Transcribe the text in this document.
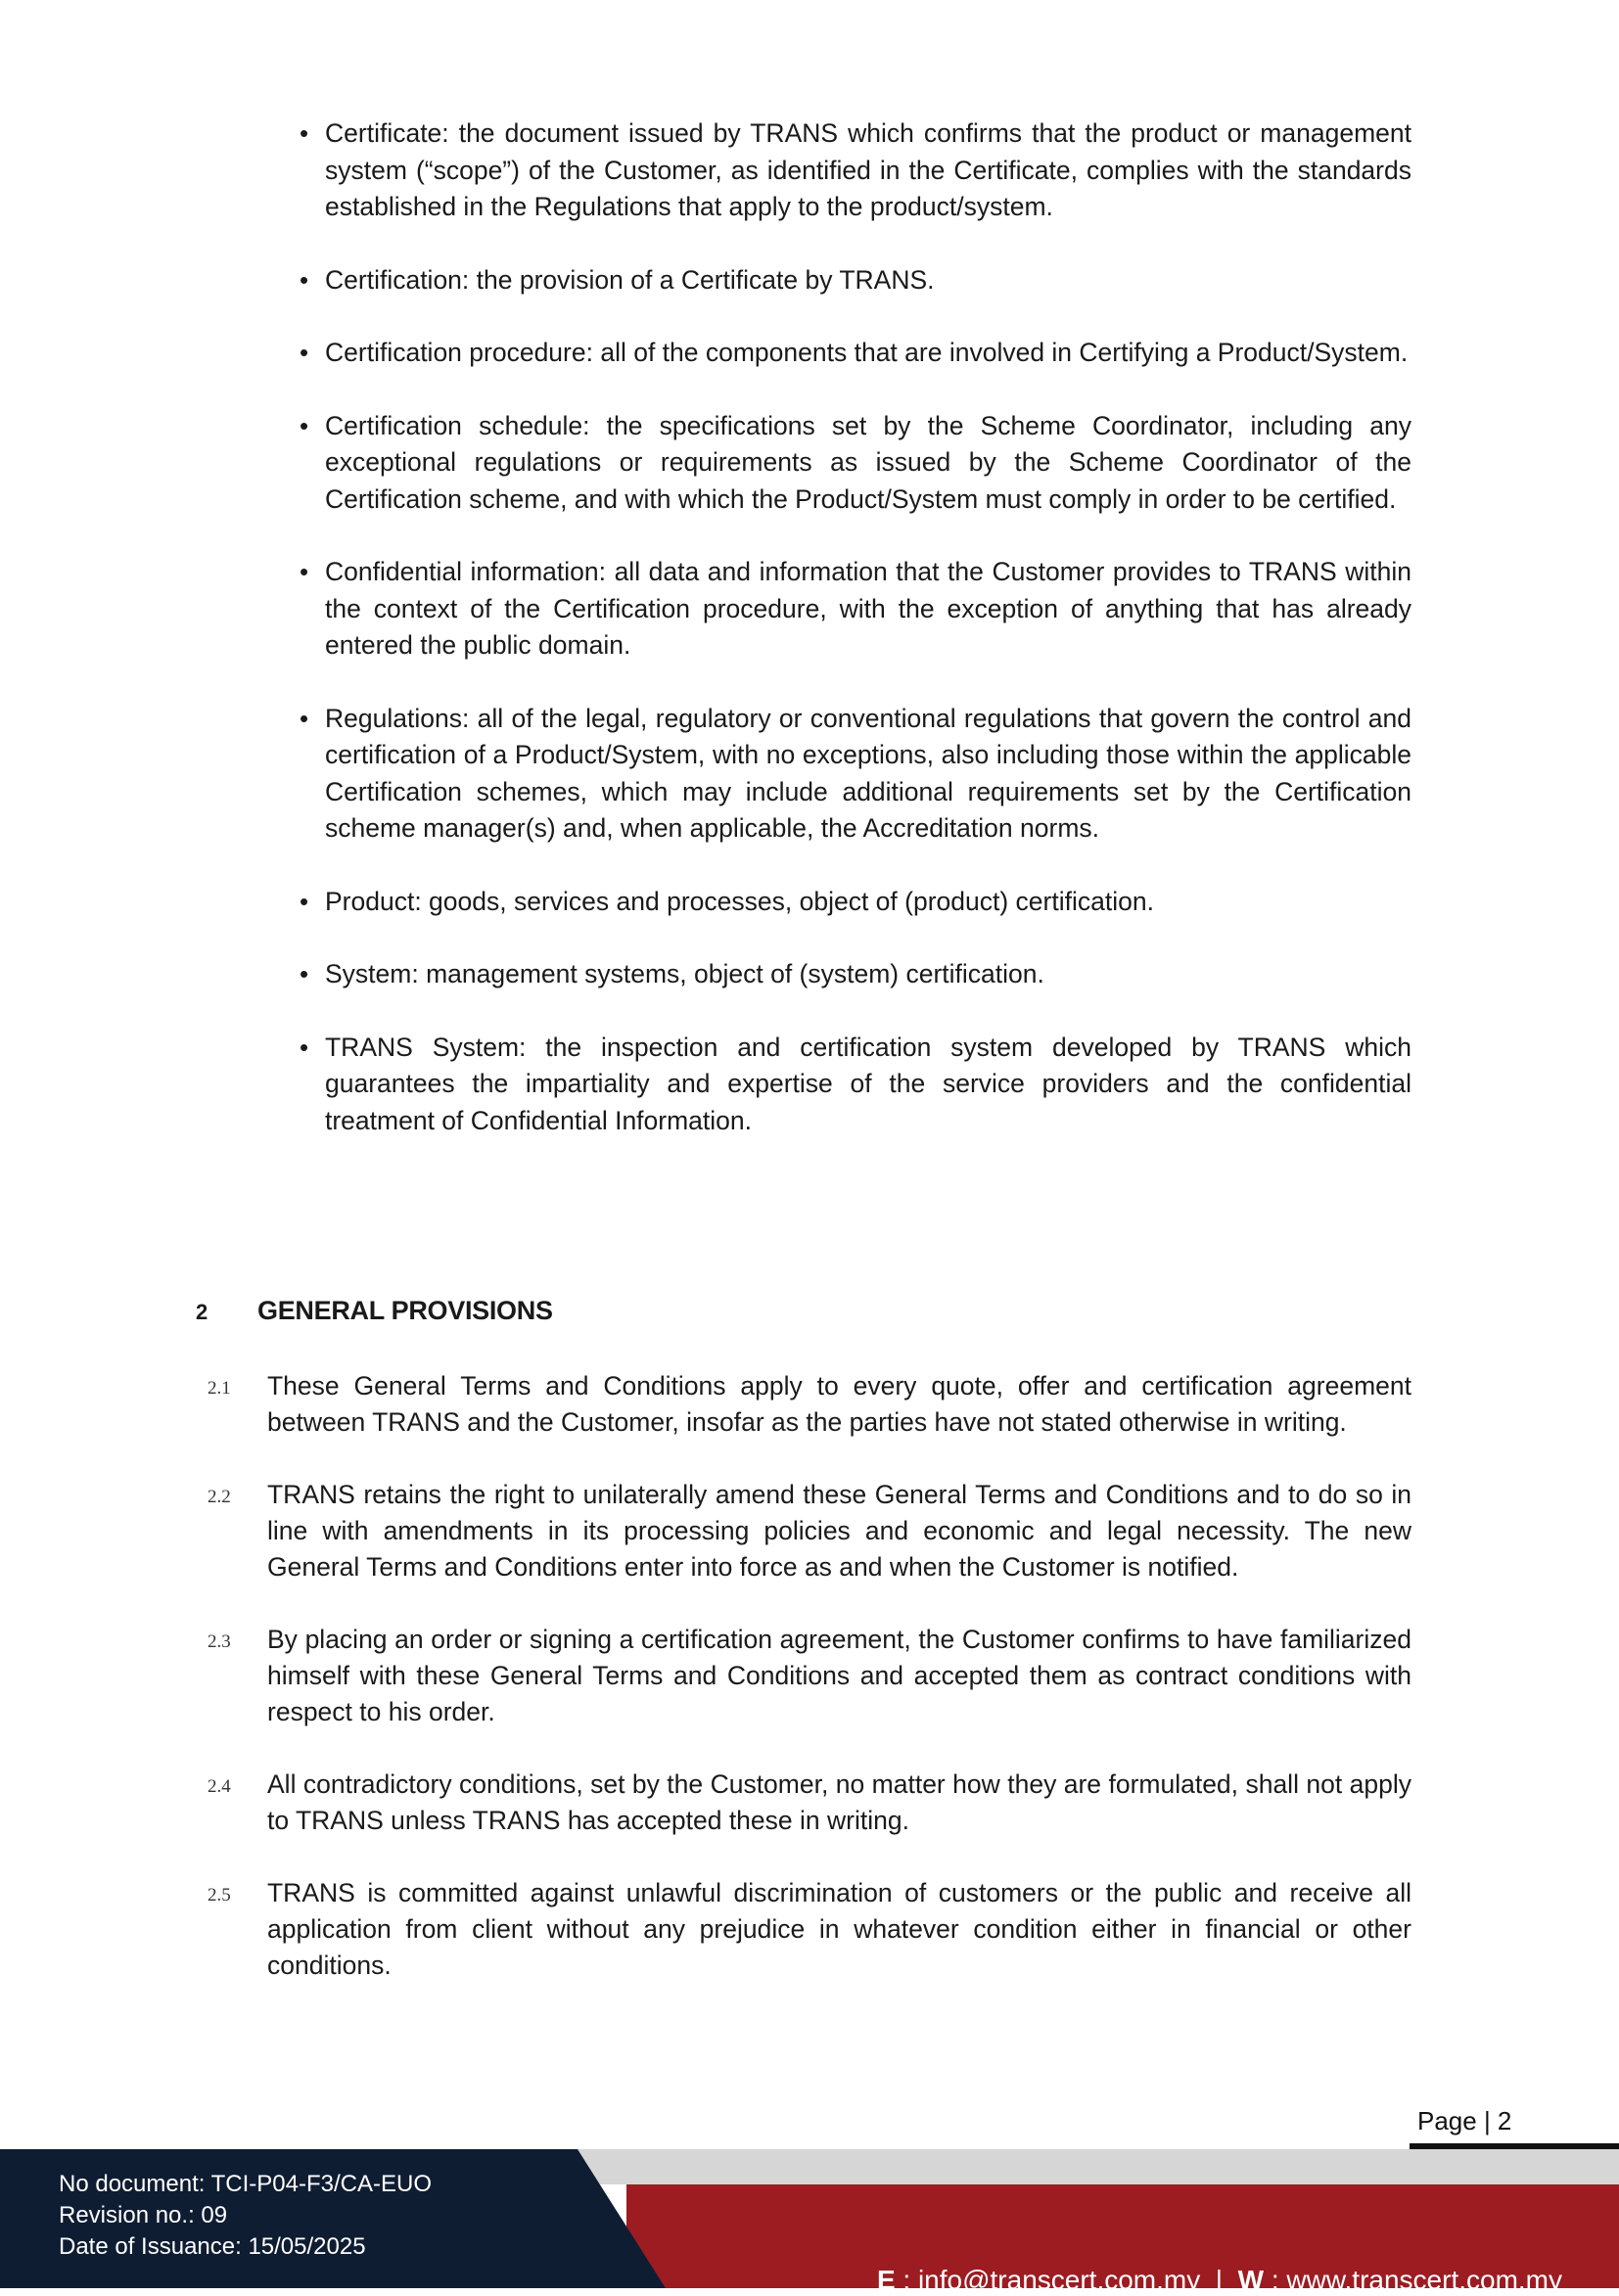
• Certificate: the document issued by TRANS which confirms that the product or management system (“scope”) of the Customer, as identified in the Certificate, complies with the standards established in the Regulations that apply to the product/system.
• Certification: the provision of a Certificate by TRANS.
• Certification procedure: all of the components that are involved in Certifying a Product/System.
• Certification schedule: the specifications set by the Scheme Coordinator, including any exceptional regulations or requirements as issued by the Scheme Coordinator of the Certification scheme, and with which the Product/System must comply in order to be certified.
• Confidential information: all data and information that the Customer provides to TRANS within the context of the Certification procedure, with the exception of anything that has already entered the public domain.
• Regulations: all of the legal, regulatory or conventional regulations that govern the control and certification of a Product/System, with no exceptions, also including those within the applicable Certification schemes, which may include additional requirements set by the Certification scheme manager(s) and, when applicable, the Accreditation norms.
• Product: goods, services and processes, object of (product) certification.
• System: management systems, object of (system) certification.
• TRANS System: the inspection and certification system developed by TRANS which guarantees the impartiality and expertise of the service providers and the confidential treatment of Confidential Information.
2 GENERAL PROVISIONS
2.1 These General Terms and Conditions apply to every quote, offer and certification agreement between TRANS and the Customer, insofar as the parties have not stated otherwise in writing.
2.2 TRANS retains the right to unilaterally amend these General Terms and Conditions and to do so in line with amendments in its processing policies and economic and legal necessity. The new General Terms and Conditions enter into force as and when the Customer is notified.
2.3 By placing an order or signing a certification agreement, the Customer confirms to have familiarized himself with these General Terms and Conditions and accepted them as contract conditions with respect to his order.
2.4 All contradictory conditions, set by the Customer, no matter how they are formulated, shall not apply to TRANS unless TRANS has accepted these in writing.
2.5 TRANS is committed against unlawful discrimination of customers or the public and receive all application from client without any prejudice in whatever condition either in financial or other conditions.
Page | 2
E : info@transcert.com.my  |  W : www.transcert.com.my
No document: TCI-P04-F3/CA-EUO
Revision no.: 09
Date of Issuance: 15/05/2025
